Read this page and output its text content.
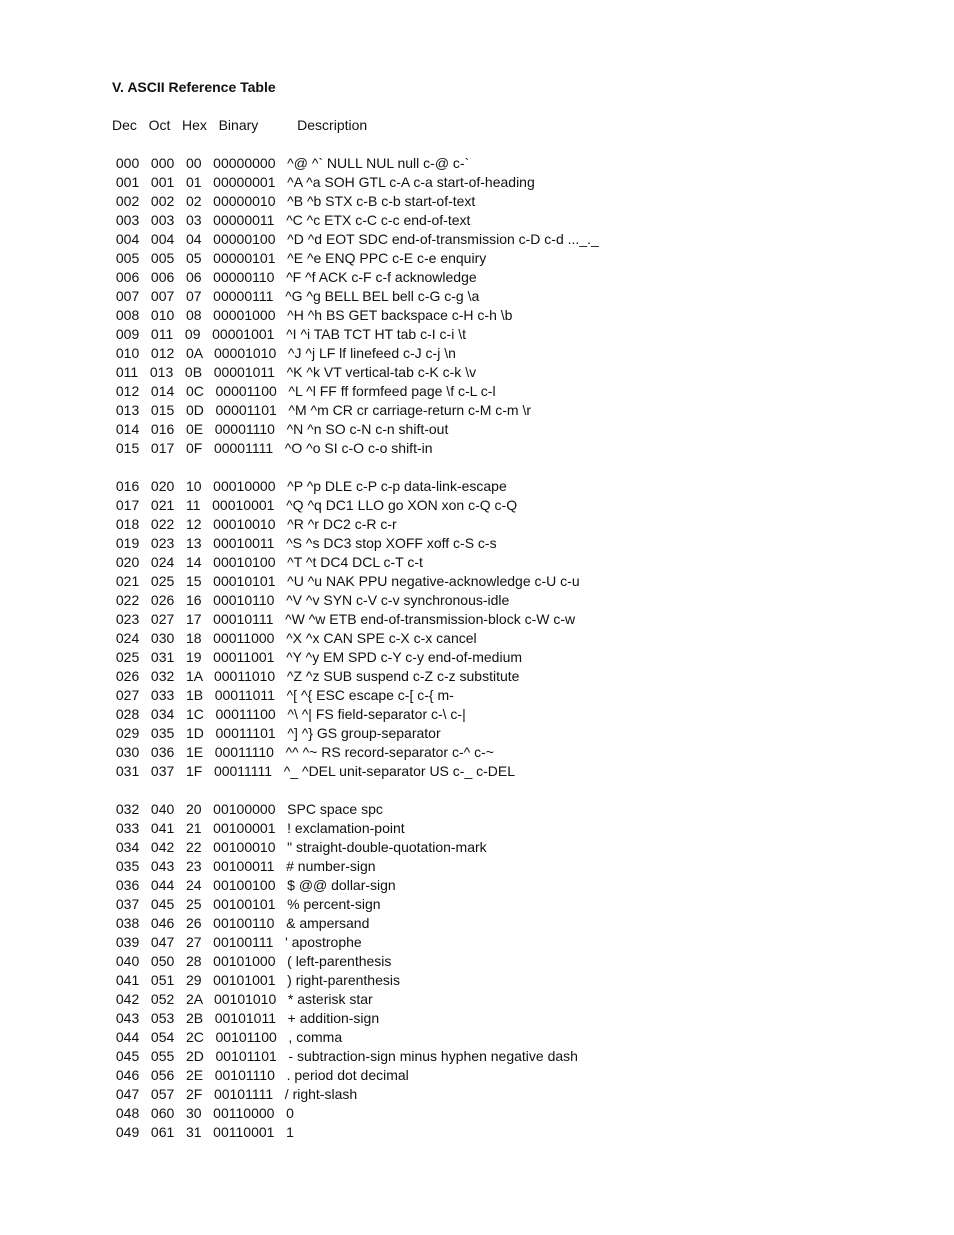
V. ASCII Reference Table
Dec   Oct   Hex   Binary          Description
000   000   00   00000000   ^@ ^` NULL NUL null c-@ c-`
001   001   01   00000001   ^A ^a SOH GTL c-A c-a start-of-heading
002   002   02   00000010   ^B ^b STX c-B c-b start-of-text
003   003   03   00000011   ^C ^c ETX c-C c-c end-of-text
004   004   04   00000100   ^D ^d EOT SDC end-of-transmission c-D c-d ..._._
005   005   05   00000101   ^E ^e ENQ PPC c-E c-e enquiry
006   006   06   00000110   ^F ^f ACK c-F c-f acknowledge
007   007   07   00000111   ^G ^g BELL BEL bell c-G c-g \a
008   010   08   00001000   ^H ^h BS GET backspace c-H c-h \b
009   011   09   00001001   ^I ^i TAB TCT HT tab c-I c-i \t
010   012   0A   00001010   ^J ^j LF lf linefeed c-J c-j \n
011   013   0B   00001011   ^K ^k VT vertical-tab c-K c-k \v
012   014   0C   00001100   ^L ^l FF ff formfeed page \f c-L c-l
013   015   0D   00001101   ^M ^m CR cr carriage-return c-M c-m \r
014   016   0E   00001110   ^N ^n SO c-N c-n shift-out
015   017   0F   00001111   ^O ^o SI c-O c-o shift-in
016   020   10   00010000   ^P ^p DLE c-P c-p data-link-escape
017   021   11   00010001   ^Q ^q DC1 LLO go XON xon c-Q c-Q
018   022   12   00010010   ^R ^r DC2 c-R c-r
019   023   13   00010011   ^S ^s DC3 stop XOFF xoff c-S c-s
020   024   14   00010100   ^T ^t DC4 DCL c-T c-t
021   025   15   00010101   ^U ^u NAK PPU negative-acknowledge c-U c-u
022   026   16   00010110   ^V ^v SYN c-V c-v synchronous-idle
023   027   17   00010111   ^W ^w ETB end-of-transmission-block c-W c-w
024   030   18   00011000   ^X ^x CAN SPE c-X c-x cancel
025   031   19   00011001   ^Y ^y EM SPD c-Y c-y end-of-medium
026   032   1A   00011010   ^Z ^z SUB suspend c-Z c-z substitute
027   033   1B   00011011   ^[ ^{ ESC escape c-[ c-{ m-
028   034   1C   00011100   ^\ ^| FS field-separator c-\ c-|
029   035   1D   00011101   ^] ^} GS group-separator
030   036   1E   00011110   ^^ ^~ RS record-separator c-^ c-~
031   037   1F   00011111   ^_ ^DEL unit-separator US c-_ c-DEL
032   040   20   00100000   SPC space spc
033   041   21   00100001   ! exclamation-point
034   042   22   00100010   " straight-double-quotation-mark
035   043   23   00100011   # number-sign
036   044   24   00100100   $ @@ dollar-sign
037   045   25   00100101   % percent-sign
038   046   26   00100110   & ampersand
039   047   27   00100111   ' apostrophe
040   050   28   00101000   ( left-parenthesis
041   051   29   00101001   ) right-parenthesis
042   052   2A   00101010   * asterisk star
043   053   2B   00101011   + addition-sign
044   054   2C   00101100   , comma
045   055   2D   00101101   - subtraction-sign minus hyphen negative dash
046   056   2E   00101110   . period dot decimal
047   057   2F   00101111   / right-slash
048   060   30   00110000   0
049   061   31   00110001   1
